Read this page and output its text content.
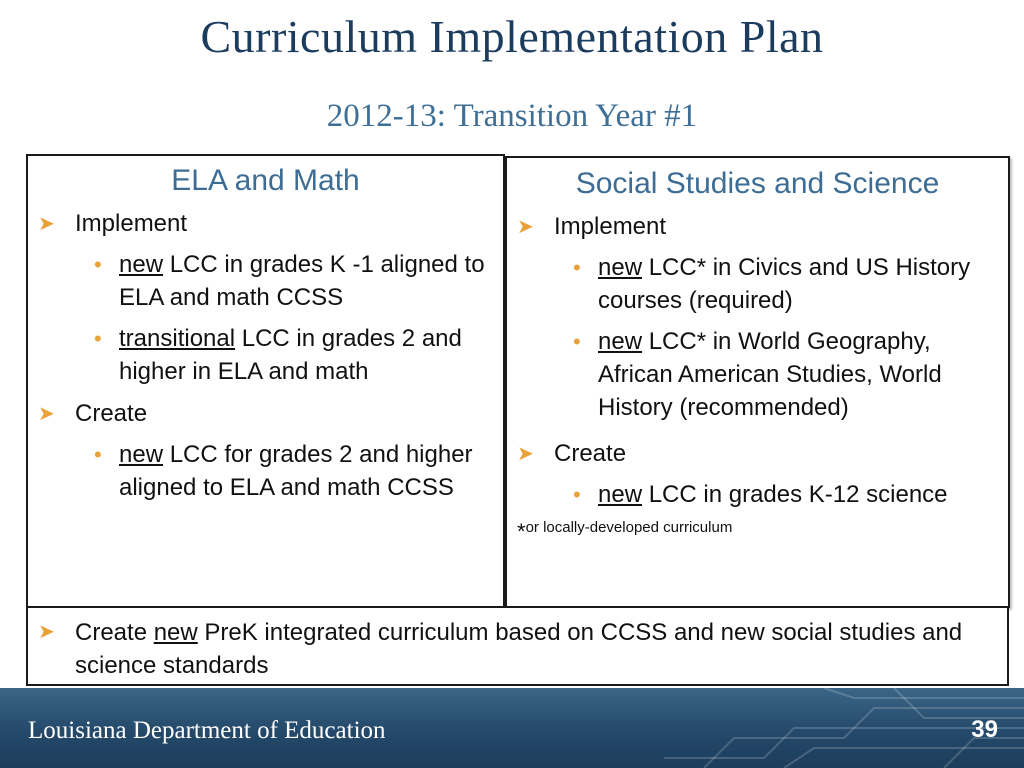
Curriculum Implementation Plan
2012-13: Transition Year #1
ELA and Math
➤ Implement
• new LCC in grades K -1 aligned to ELA and math CCSS
• transitional LCC in grades 2 and higher in ELA and math
➤ Create
• new LCC for grades 2 and higher aligned to ELA and math CCSS
Social Studies and Science
➤ Implement
• new LCC* in Civics and US History courses (required)
• new LCC* in World Geography, African American Studies, World History (recommended)
➤ Create
• new LCC in grades K-12 science
*or locally-developed curriculum
➤ Create new PreK integrated curriculum based on CCSS and new social studies and science standards
Louisiana Department of Education	39
